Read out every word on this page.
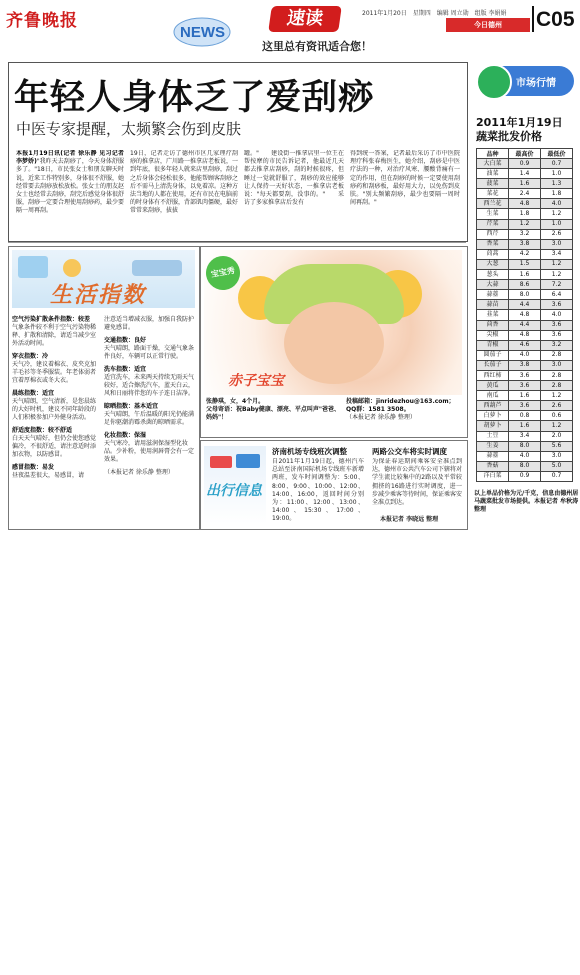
齐鲁晚报
NEWS
速读
这里总有资讯适合您！
2011年1月20日　星期四　编辑 周立勋　组版 李娟娟
今日德州	C05
年轻人身体乏了爱刮痧
中医专家提醒，太频繁会伤到皮肤
本报1月19日讯(记者 徐乐静 见习记者 李梦娇)"我昨天去刮痧了，今天身体舒服多了。"18日，市民张女士和朋友聊天时说，近来工作特别多，身体很不舒服，她经常要去刮痧放松放松。张女士的朋友赵女士也经常去刮痧，刮完后感觉身体很舒服，刮痧一定要合理使用刮痧药，最少要隔一周再刮。
19日，记者走访了德州市区几家理疗刮痧的推拿店，广川路一推拿店老板说，一到年底，很多年轻人就来店里刮痧，刮过之后身体会轻松很多，他能帮顾客刮痧之后不需马上清洗身体，以免着凉。这种方法当地的人都在使用，还有市民在电脑前的时身体有不舒服，背部肌肉僵硬，最好常常来刮痧，拔拔
罐。"　　建设街一推拿店里一位王在帮按摩的市民告诉记者，他最近几天都去推拿店刮痧，刮的时候很疼，但睡过一觉就舒服了，刮痧的效应能够让人保持一天好状态，一推拿店老板说："每天都要刮，没事的。"　　采访了多家推拿店后发有
得到统一答案，记者最后采访了市中医院理疗科张春梅医生，她介绍，刮痧是中医疗法的一种，对治疗风寒、腰酸背痛有一定的作用，但在刮痧的时候一定要使用刮痧药和刮痧板，最好用大力，以免伤到皮肤。"别太频繁刮痧，最少也要隔一周时间再刮。"
市场行情
2011年1月19日
蔬菜批发价格
品种	最高价	最低价
大白菜	0.9	0.7
油菜	1.4	1.0
菠菜	1.6	1.3
菜花	2.4	1.8
西兰花	4.8	4.0
生菜	1.8	1.2
芹菜	1.2	1.0
西芹	3.2	2.6
香菜	3.8	3.0
茼蒿	4.2	3.4
大葱	1.5	1.2
葱头	1.6	1.2
大蒜	8.6	7.2
蒜薹	8.0	6.4
蒜苗	4.4	3.6
韭菜	4.8	4.0
茴香	4.4	3.6
尖椒	4.8	3.6
青椒	4.6	3.2
圆茄子	4.0	2.8
长茄子	3.8	3.0
西红柿	3.6	2.8
黄瓜	3.6	2.8
南瓜	1.6	1.2
西葫芦	3.6	2.6
白萝卜	0.8	0.6
胡萝卜	1.6	1.2
土豆	3.4	2.0
生姜	8.0	5.6
蒜薹	4.0	3.0
香菇	8.0	5.0
洋白菜	0.9	0.7
以上单品价格为元/千克，信息由德州居马蔬菜批发市场提供。本报记者 牟秋涛 整理
生活指数
空气污染扩散条件指数：较差
气象条件较不利于空气污染物稀释、扩散和清除，请适当减少室外活动时间。
穿衣指数：冷
天气冷，建议着棉衣、皮夹克加羊毛衫等冬季服装。年老体弱者宜着厚棉衣或冬大衣。
晨练指数：适宜
天气晴朗，空气清新，是您晨练的大好时机，建议不同年龄段的人们积极参加户外健身活动。
舒适度指数：较不舒适
白天天气晴好，但仍会使您感觉偏冷，不很舒适，请注意适时添加衣物，以防感冒。
感冒指数：易发
昼夜温差很大，易感冒，请
注意适当增减衣服，加强自我防护避免感冒。
交通指数：良好
天气晴朗，路面干燥，交通气象条件良好，车辆可以正常行驶。
洗车指数：适宜
适宜洗车，未来两天持续无雨天气较好，适合擦洗汽车，蓝天白云，风和日丽将伴您的车子连日洁净。
晾晒指数：基本适宜
天气晴朗，午后温暖的阳光仍能满足你驱潮消霉杀菌的晾晒需求。
化妆指数：保湿
天气寒冷，请用滋润保湿型化妆品。少补粉，使用润唇膏会有一定效果。
（本报记者 徐乐静 整理）
宝宝秀
赤子宝宝
张静琪，女，4个月。
父母寄语：祝Baby健康、漂亮、平点叫声"爸爸、妈妈"！
投稿邮箱：jinridezhou@163.com；QQ群：1581 3508。
（本报记者 徐乐静 整理）
出行信息
济南机场专线班次调整
自2011年1月19日起，德州汽车总站至济南国际机场专线班车新增两班，发车时间调整为：5:00、8:00、9:00、10:00、12:00、14:00、16:00，返回时间分别为：11:00、12:00、13:00、14:00、15:30、17:00、19:00。
两路公交车将实时调度
为保证春运期间乘客安全准点到达，德州市公共汽车公司下辖将对学生流比较集中的2路以及平常较拥挤的16路进行实时调度，进一步减少乘客等待时间，保证乘客安全准点到达。
本报记者 李晓远 整理
